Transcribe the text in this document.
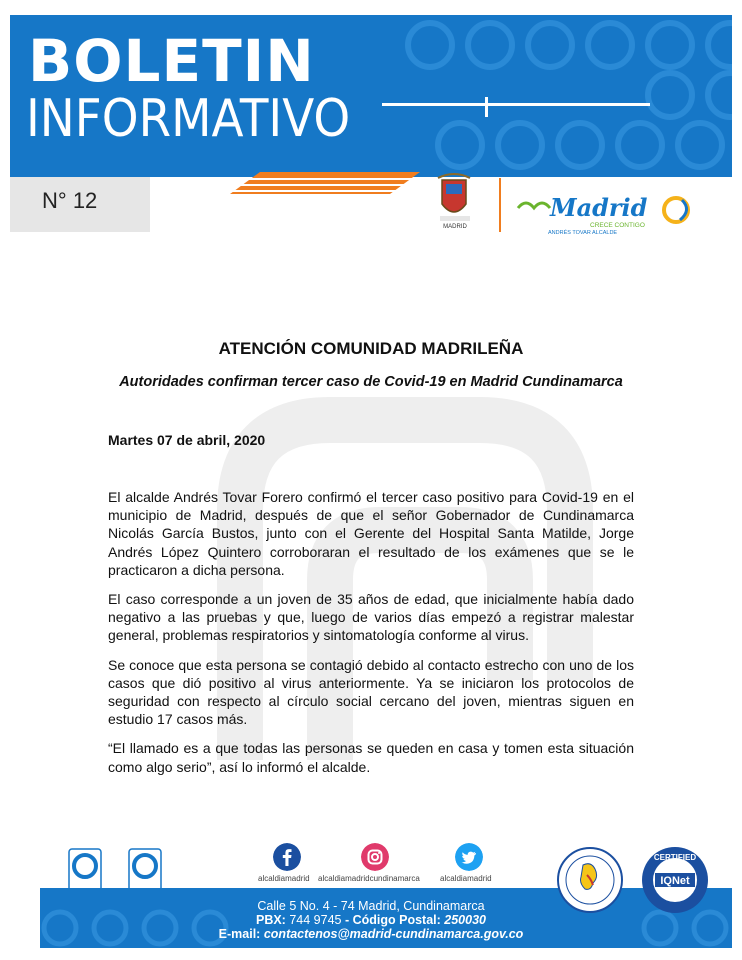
BOLETIN
INFORMATIVO
N° 12
MADRID
Madrid
CRECE CONTIGO
ANDRÉS TOVAR ALCALDE
ATENCIÓN COMUNIDAD MADRILEÑA
Autoridades confirman tercer caso de Covid-19 en Madrid Cundinamarca
Martes 07 de abril, 2020

El alcalde Andrés Tovar Forero confirmó el tercer caso positivo para Covid-19 en el municipio de Madrid, después de que el señor Gobernador de Cundinamarca Nicolás García Bustos, junto con el Gerente del Hospital Santa Matilde, Jorge Andrés López Quintero corroboraran el resultado de los exámenes que se le practicaron a dicha persona.

El caso corresponde a un joven de 35 años de edad, que inicialmente había dado negativo a las pruebas y que, luego de varios días empezó a registrar malestar general, problemas respiratorios y sintomatología conforme al virus.

Se conoce que esta persona se contagió debido al contacto estrecho con uno de los casos que dió positivo al virus anteriormente. Ya se iniciaron los protocolos de seguridad con respecto al círculo social cercano del joven, mientras siguen en estudio 17 casos más.

“El llamado es a que todas las personas se queden en casa y tomen esta situación como algo serio”, así lo informó el alcalde.

alcaldiamadrid alcaldiamadridcundinamarca	alcaldiamadrid
Calle 5 No. 4 - 74 Madrid, Cundinamarca
PBX: 744 9745 - Código Postal: 250030
E-mail: contactenos@madrid-cundinamarca.gov.co
CERTIFIED
IQNet
